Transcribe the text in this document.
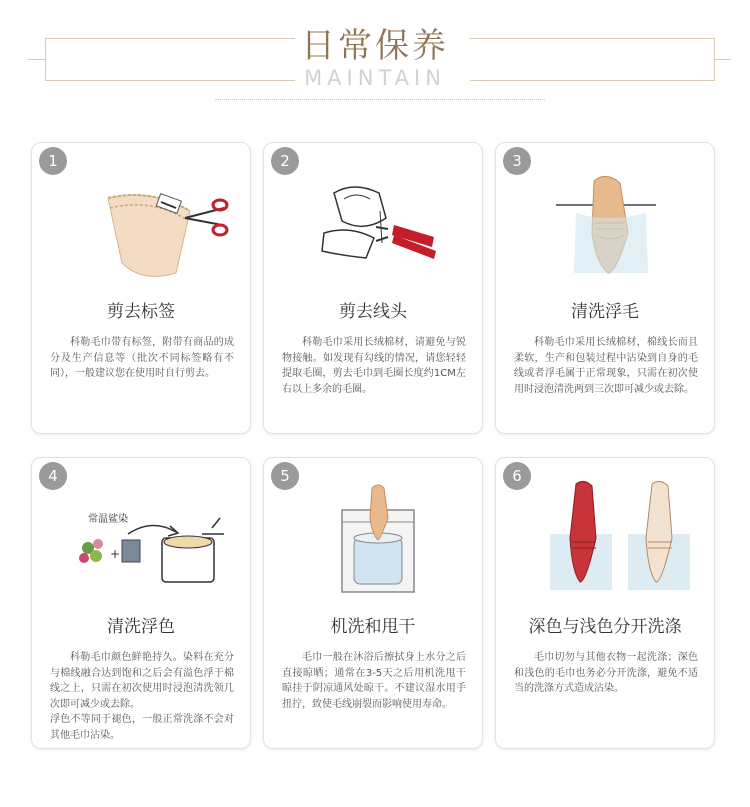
日常保养
MAINTAIN
1
剪去标签

科勒毛巾带有标签，附带有商品的成分及生产信息等（批次不同标签略有不同），一般建议您在使用时自行剪去。

2
剪去线头

科勒毛巾采用长绒棉材，请避免与锐物接触。如发现有勾线的情况，请您轻轻提取毛圈，剪去毛巾到毛圈长度约1CM左右以上多余的毛圈。

3
清洗浮毛

科勒毛巾采用长绒棉材，棉线长而且柔软，生产和包装过程中沾染到自身的毛线或者浮毛属于正常现象，只需在初次使用时浸泡清洗两到三次即可减少或去除。

4
常温鲨染
+
清洗浮色

科勒毛巾颜色鲜艳持久。染料在充分与棉线融合达到饱和之后会有溢色浮于棉线之上，只需在初次使用时浸泡清洗领几次即可减少或去除。

浮色不等同于褪色，一般正常洗涤不会对其他毛巾沾染。

5
机洗和甩干

毛巾一般在沐浴后擦拭身上水分之后直接晾晒；通常在3-5天之后用机洗甩干晾挂于阴凉通风处晾干。不建议湿水用手扭拧，致使毛线崩裂而影响使用寿命。

6
深色与浅色分开洗涤

毛巾切勿与其他衣物一起洗涤；深色和浅色的毛巾也务必分开洗涤，避免不适当的洗涤方式造成沾染。
